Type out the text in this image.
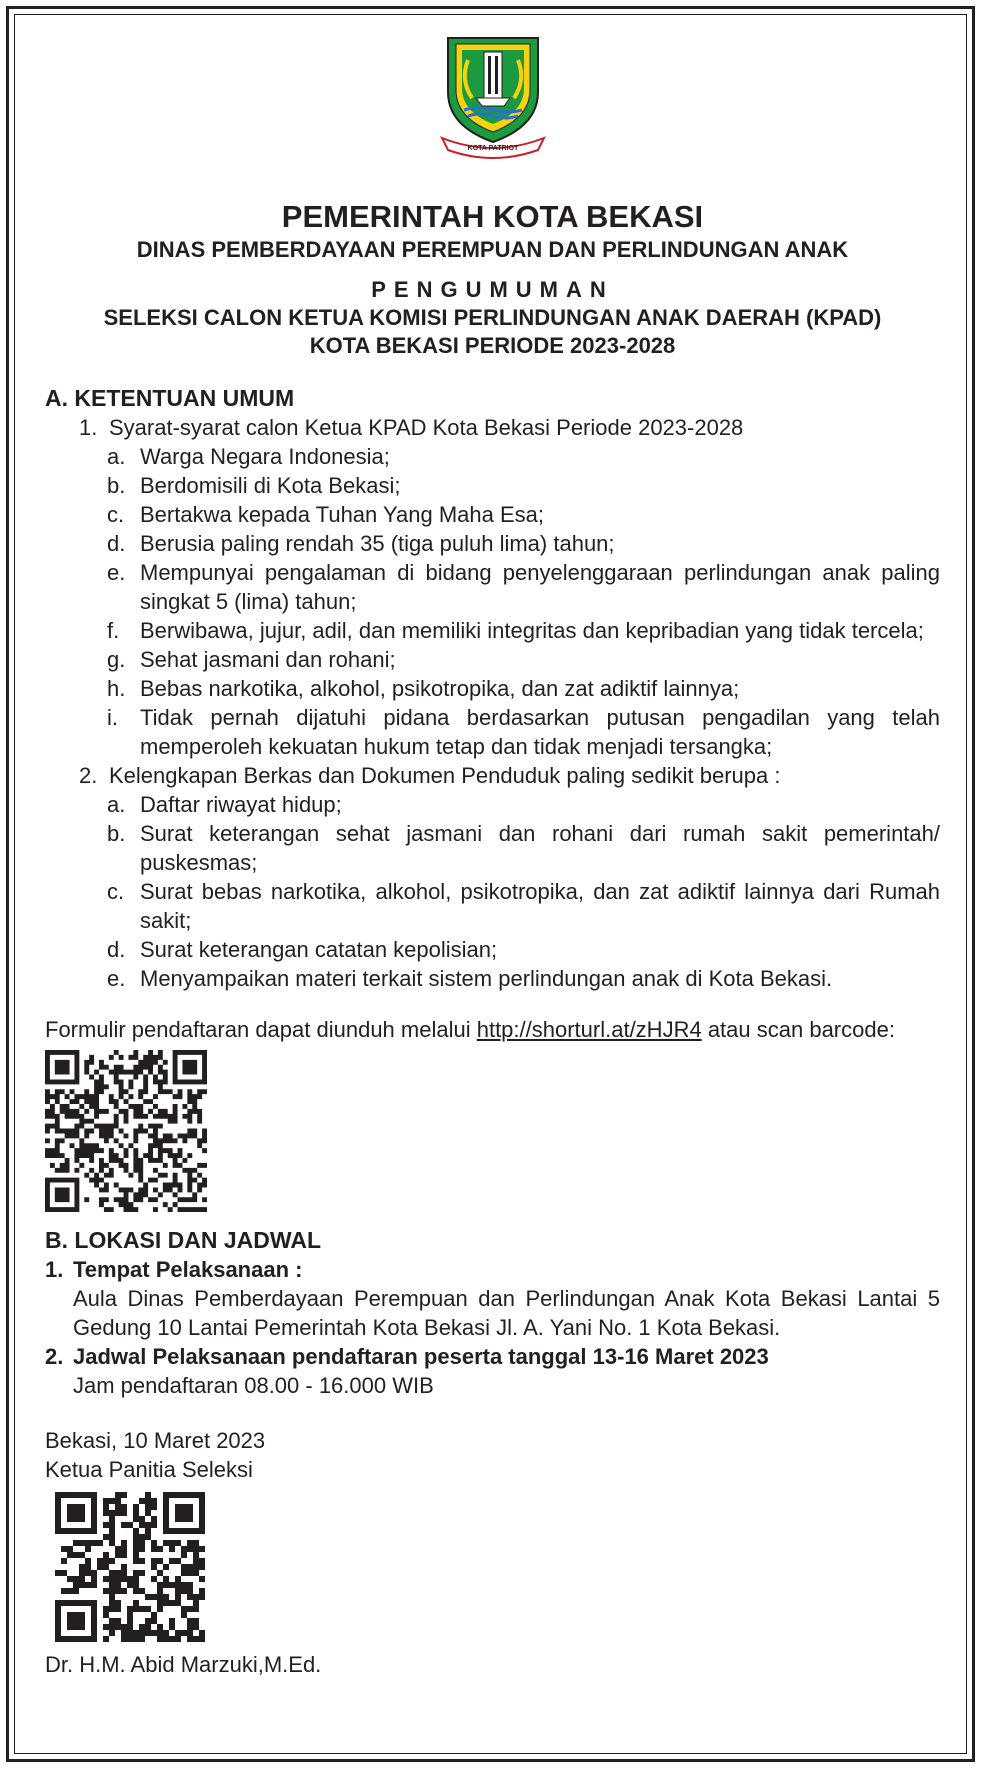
KOTA PATRIOT
PEMERINTAH KOTA BEKASI
DINAS PEMBERDAYAAN PEREMPUAN DAN PERLINDUNGAN ANAK
PENGUMUMAN
SELEKSI CALON KETUA KOMISI PERLINDUNGAN ANAK DAERAH (KPAD)
KOTA BEKASI PERIODE 2023-2028
A. KETENTUAN UMUM
1. Syarat-syarat calon Ketua KPAD Kota Bekasi Periode 2023-2028
a. Warga Negara Indonesia;
b. Berdomisili di Kota Bekasi;
c. Bertakwa kepada Tuhan Yang Maha Esa;
d. Berusia paling rendah 35 (tiga puluh lima) tahun;
e. Mempunyai pengalaman di bidang penyelenggaraan perlindungan anak paling singkat 5 (lima) tahun;
f. Berwibawa, jujur, adil, dan memiliki integritas dan kepribadian yang tidak tercela;
g. Sehat jasmani dan rohani;
h. Bebas narkotika, alkohol, psikotropika, dan zat adiktif lainnya;
i. Tidak pernah dijatuhi pidana berdasarkan putusan pengadilan yang telah memperoleh kekuatan hukum tetap dan tidak menjadi tersangka;
2. Kelengkapan Berkas dan Dokumen Penduduk paling sedikit berupa :
a. Daftar riwayat hidup;
b. Surat keterangan sehat jasmani dan rohani dari rumah sakit pemerintah/ puskesmas;
c. Surat bebas narkotika, alkohol, psikotropika, dan zat adiktif lainnya dari Rumah sakit;
d. Surat keterangan catatan kepolisian;
e. Menyampaikan materi terkait sistem perlindungan anak di Kota Bekasi.
Formulir pendaftaran dapat diunduh melalui http://shorturl.at/zHJR4 atau scan barcode:
B. LOKASI DAN JADWAL
1. Tempat Pelaksanaan :
Aula Dinas Pemberdayaan Perempuan dan Perlindungan Anak Kota Bekasi Lantai 5 Gedung 10 Lantai Pemerintah Kota Bekasi Jl. A. Yani No. 1 Kota Bekasi.
2. Jadwal Pelaksanaan pendaftaran peserta tanggal 13-16 Maret 2023
Jam pendaftaran 08.00 - 16.000 WIB
Bekasi, 10 Maret 2023
Ketua Panitia Seleksi
Dr. H.M. Abid Marzuki,M.Ed.
